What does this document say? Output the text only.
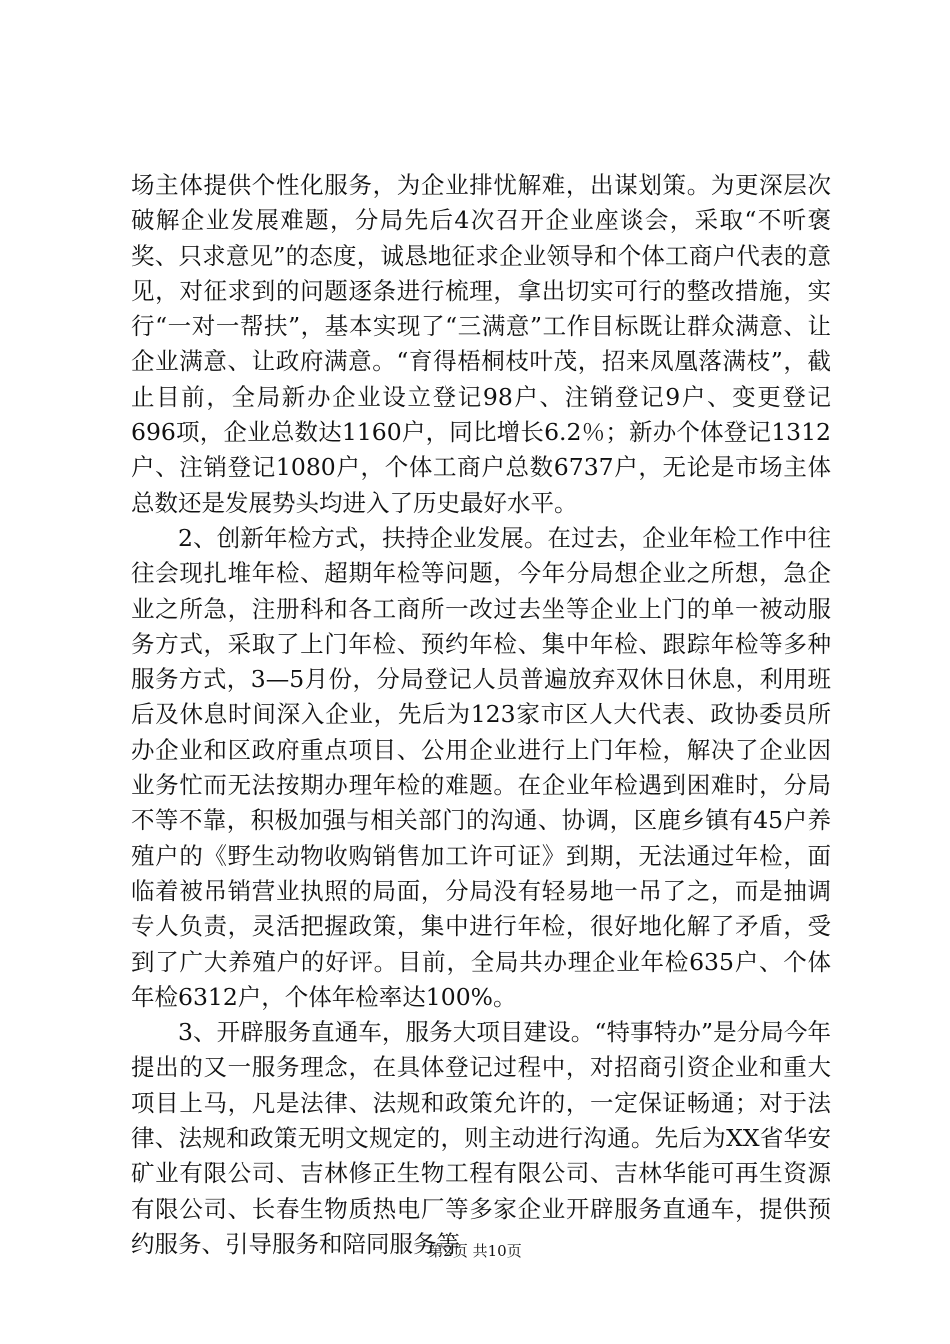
场主体提供个性化服务，为企业排忧解难，出谋划策。为更深层次破解企业发展难题，分局先后4次召开企业座谈会，采取“不听褒奖、只求意见”的态度，诚恳地征求企业领导和个体工商户代表的意见，对征求到的问题逐条进行梳理，拿出切实可行的整改措施，实行“一对一帮扶”，基本实现了“三满意”工作目标既让群众满意、让企业满意、让政府满意。“育得梧桐枝叶茂，招来凤凰落满枝”，截止目前，全局新办企业设立登记98户、注销登记9户、变更登记696项，企业总数达1160户，同比增长6.2％；新办个体登记1312户、注销登记1080户，个体工商户总数6737户，无论是市场主体总数还是发展势头均进入了历史最好水平。

2、创新年检方式，扶持企业发展。在过去，企业年检工作中往往会现扎堆年检、超期年检等问题，今年分局想企业之所想，急企业之所急，注册科和各工商所一改过去坐等企业上门的单一被动服务方式，采取了上门年检、预约年检、集中年检、跟踪年检等多种服务方式，3—5月份，分局登记人员普遍放弃双休日休息，利用班后及休息时间深入企业，先后为123家市区人大代表、政协委员所办企业和区政府重点项目、公用企业进行上门年检，解决了企业因业务忙而无法按期办理年检的难题。在企业年检遇到困难时，分局不等不靠，积极加强与相关部门的沟通、协调，区鹿乡镇有45户养殖户的《野生动物收购销售加工许可证》到期，无法通过年检，面临着被吊销营业执照的局面，分局没有轻易地一吊了之，而是抽调专人负责，灵活把握政策，集中进行年检，很好地化解了矛盾，受到了广大养殖户的好评。目前，全局共办理企业年检635户、个体年检6312户，个体年检率达100%。

3、开辟服务直通车，服务大项目建设。“特事特办”是分局今年提出的又一服务理念，在具体登记过程中，对招商引资企业和重大项目上马，凡是法律、法规和政策允许的，一定保证畅通；对于法律、法规和政策无明文规定的，则主动进行沟通。先后为XX省华安矿业有限公司、吉林修正生物工程有限公司、吉林华能可再生资源有限公司、长春生物质热电厂等多家企业开辟服务直通车，提供预约服务、引导服务和陪同服务等

第2页 共10页
